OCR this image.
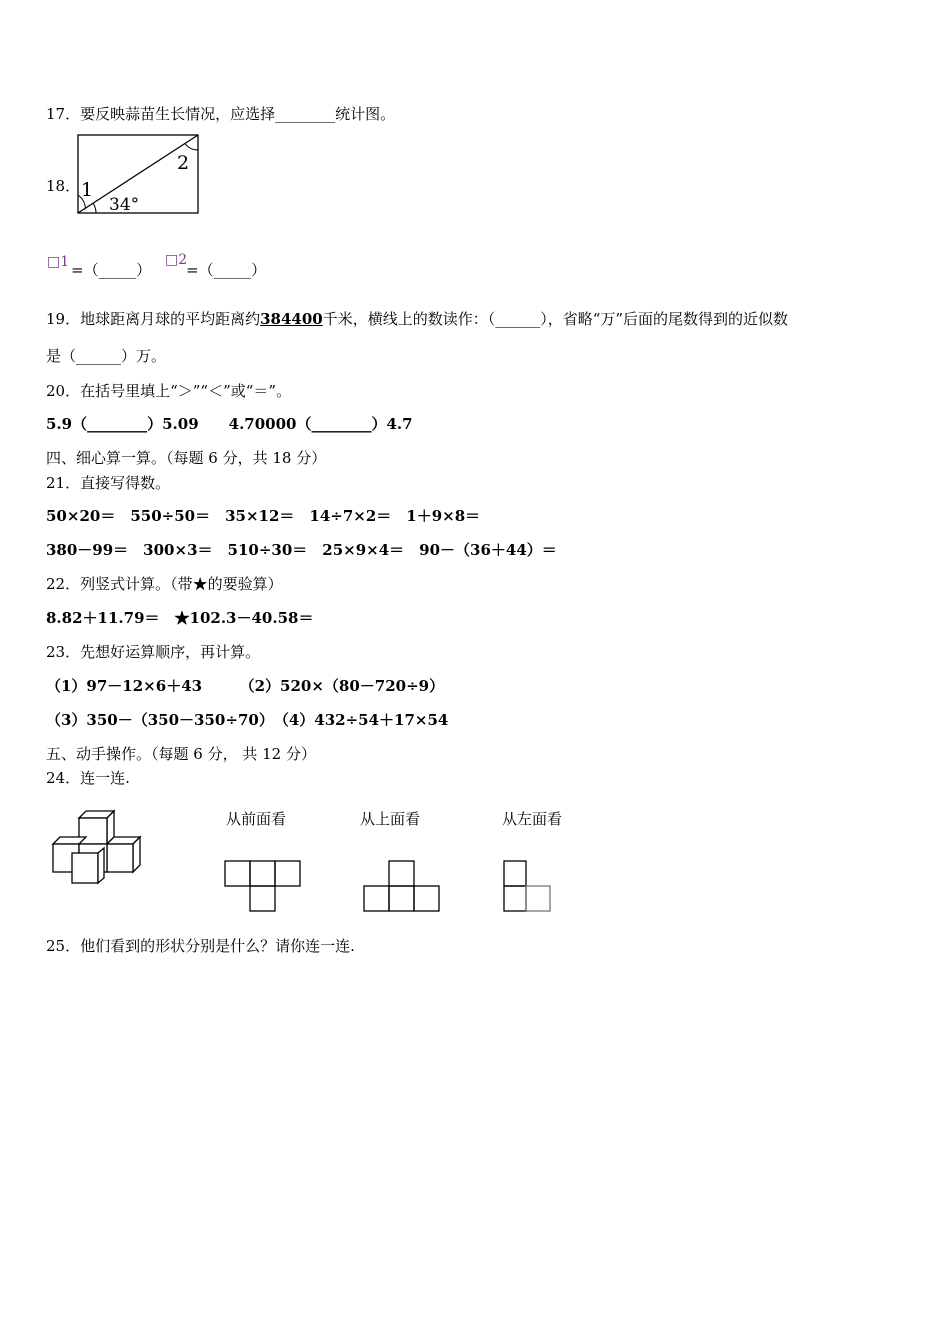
17．要反映蒜苗生长情况，应选择________统计图。
18． 1
2
34°
□1 =（_____）
□2
=（_____）
19．地球距离月球的平均距离约384400千米，横线上的数读作：（______），省略“万”后面的尾数得到的近似数
是（______）万。
20．在括号里填上“＞”“＜”或“＝”。
5.9（________）5.09　　4.70000（________）4.7
四、细心算一算。（每题 6 分，共 18 分）
21．直接写得数。
50×20＝　550÷50＝　35×12＝　14÷7×2＝　1＋9×8＝
380－99＝　300×3＝　510÷30＝　25×9×4＝　90－（36＋44）＝
22．列竖式计算。（带★的要验算）
8.82＋11.79＝　★102.3－40.58＝
23．先想好运算顺序，再计算。
（1）97－12×6＋43　　　（2）520×（80－720÷9）
（3）350－（350－350÷70）　（4）432÷54＋17×54
五、动手操作。（每题 6 分， 共 12 分）
24．连一连.
从前面看	从上面看	从左面看
25．他们看到的形状分别是什么？请你连一连.
